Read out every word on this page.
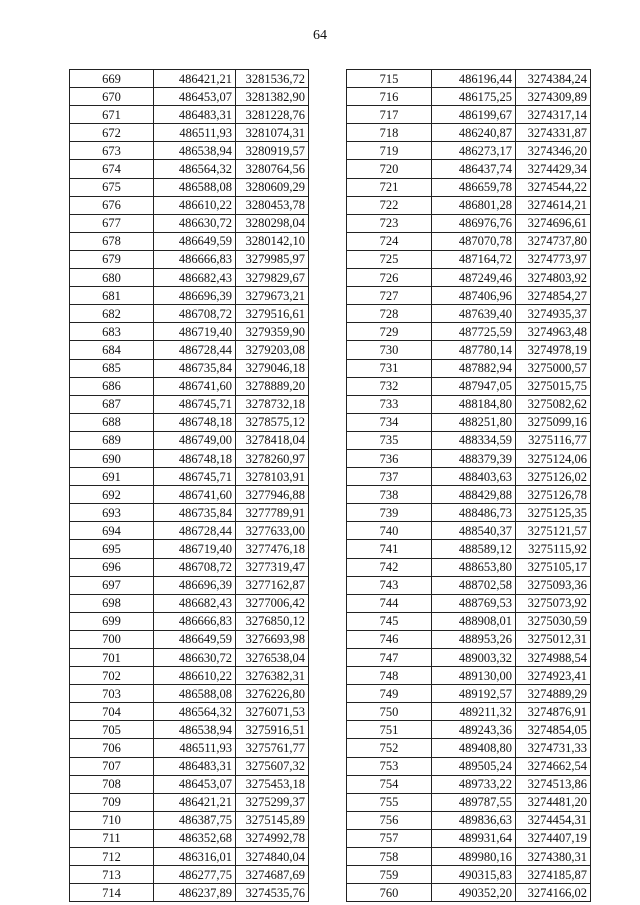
64
669	486421,21	3281536,72
670	486453,07	3281382,90
671	486483,31	3281228,76
672	486511,93	3281074,31
673	486538,94	3280919,57
674	486564,32	3280764,56
675	486588,08	3280609,29
676	486610,22	3280453,78
677	486630,72	3280298,04
678	486649,59	3280142,10
679	486666,83	3279985,97
680	486682,43	3279829,67
681	486696,39	3279673,21
682	486708,72	3279516,61
683	486719,40	3279359,90
684	486728,44	3279203,08
685	486735,84	3279046,18
686	486741,60	3278889,20
687	486745,71	3278732,18
688	486748,18	3278575,12
689	486749,00	3278418,04
690	486748,18	3278260,97
691	486745,71	3278103,91
692	486741,60	3277946,88
693	486735,84	3277789,91
694	486728,44	3277633,00
695	486719,40	3277476,18
696	486708,72	3277319,47
697	486696,39	3277162,87
698	486682,43	3277006,42
699	486666,83	3276850,12
700	486649,59	3276693,98
701	486630,72	3276538,04
702	486610,22	3276382,31
703	486588,08	3276226,80
704	486564,32	3276071,53
705	486538,94	3275916,51
706	486511,93	3275761,77
707	486483,31	3275607,32
708	486453,07	3275453,18
709	486421,21	3275299,37
710	486387,75	3275145,89
711	486352,68	3274992,78
712	486316,01	3274840,04
713	486277,75	3274687,69
714	486237,89	3274535,76
715	486196,44	3274384,24
716	486175,25	3274309,89
717	486199,67	3274317,14
718	486240,87	3274331,87
719	486273,17	3274346,20
720	486437,74	3274429,34
721	486659,78	3274544,22
722	486801,28	3274614,21
723	486976,76	3274696,61
724	487070,78	3274737,80
725	487164,72	3274773,97
726	487249,46	3274803,92
727	487406,96	3274854,27
728	487639,40	3274935,37
729	487725,59	3274963,48
730	487780,14	3274978,19
731	487882,94	3275000,57
732	487947,05	3275015,75
733	488184,80	3275082,62
734	488251,80	3275099,16
735	488334,59	3275116,77
736	488379,39	3275124,06
737	488403,63	3275126,02
738	488429,88	3275126,78
739	488486,73	3275125,35
740	488540,37	3275121,57
741	488589,12	3275115,92
742	488653,80	3275105,17
743	488702,58	3275093,36
744	488769,53	3275073,92
745	488908,01	3275030,59
746	488953,26	3275012,31
747	489003,32	3274988,54
748	489130,00	3274923,41
749	489192,57	3274889,29
750	489211,32	3274876,91
751	489243,36	3274854,05
752	489408,80	3274731,33
753	489505,24	3274662,54
754	489733,22	3274513,86
755	489787,55	3274481,20
756	489836,63	3274454,31
757	489931,64	3274407,19
758	489980,16	3274380,31
759	490315,83	3274185,87
760	490352,20	3274166,02
